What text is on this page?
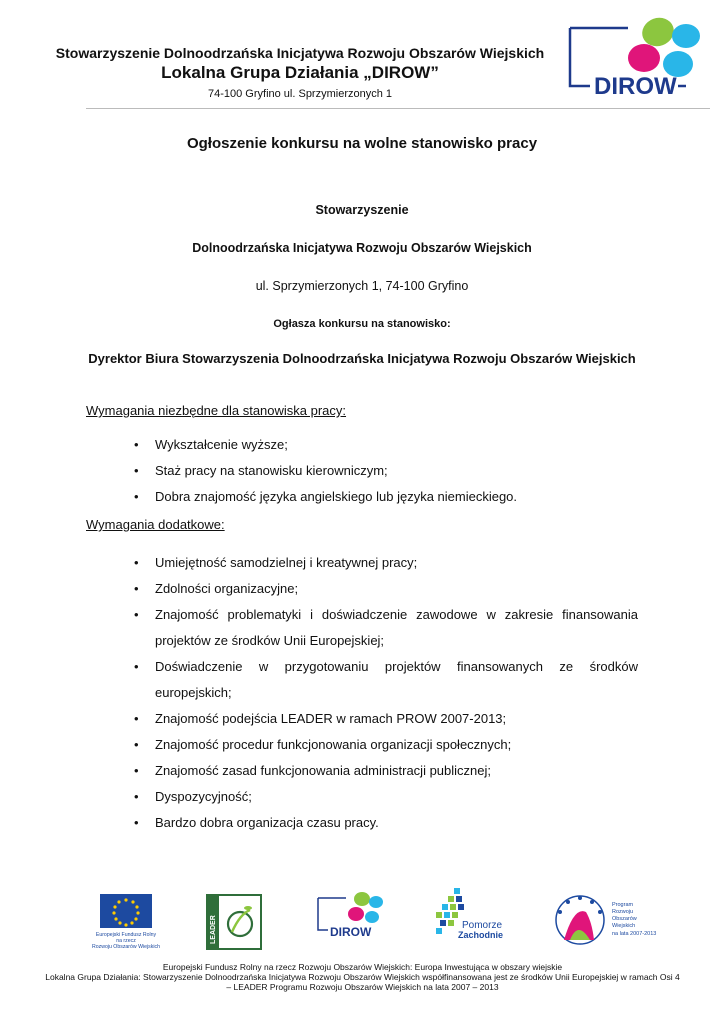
Stowarzyszenie Dolnoodrzańska Inicjatywa Rozwoju Obszarów Wiejskich
Lokalna Grupa Działania „DIROW”
74-100 Gryfino ul. Sprzymierzonych 1	DIROW
Ogłoszenie konkursu na wolne stanowisko pracy
Stowarzyszenie
Dolnoodrzańska Inicjatywa Rozwoju Obszarów Wiejskich
ul. Sprzymierzonych 1, 74-100 Gryfino
Ogłasza konkursu na stanowisko:
Dyrektor Biura Stowarzyszenia Dolnoodrzańska Inicjatywa Rozwoju Obszarów Wiejskich
Wymagania niezbędne dla stanowiska pracy:
• Wykształcenie wyższe;
• Staż pracy na stanowisku kierowniczym;
• Dobra znajomość języka angielskiego lub języka niemieckiego.
Wymagania dodatkowe:
• Umiejętność samodzielnej i kreatywnej pracy;
• Zdolności organizacyjne;
• Znajomość problematyki i doświadczenie zawodowe w zakresie finansowania projektów ze środków Unii Europejskiej;
• Doświadczenie w przygotowaniu projektów finansowanych ze środków europejskich;
• Znajomość podejścia LEADER w ramach PROW 2007-2013;
• Znajomość procedur funkcjonowania organizacji społecznych;
• Znajomość zasad funkcjonowania administracji publicznej;
• Dyspozycyjność;
• Bardzo dobra organizacja czasu pracy.
Europejski Fundusz Rolny
na rzecz
Rozwoju Obszarów Wiejskich
LEADER	DIROW	Pomorze
Zachodnie
Program
Rozwoju
Obszarów
Wiejskich
na lata 2007-2013
Europejski Fundusz Rolny na rzecz Rozwoju Obszarów Wiejskich: Europa Inwestująca w obszary wiejskie
Lokalna Grupa Działania: Stowarzyszenie Dolnoodrzańska Inicjatywa Rozwoju Obszarów Wiejskich współfinansowana jest ze środków Unii Europejskiej w ramach Osi 4
– LEADER Programu Rozwoju Obszarów Wiejskich na lata 2007 – 2013
